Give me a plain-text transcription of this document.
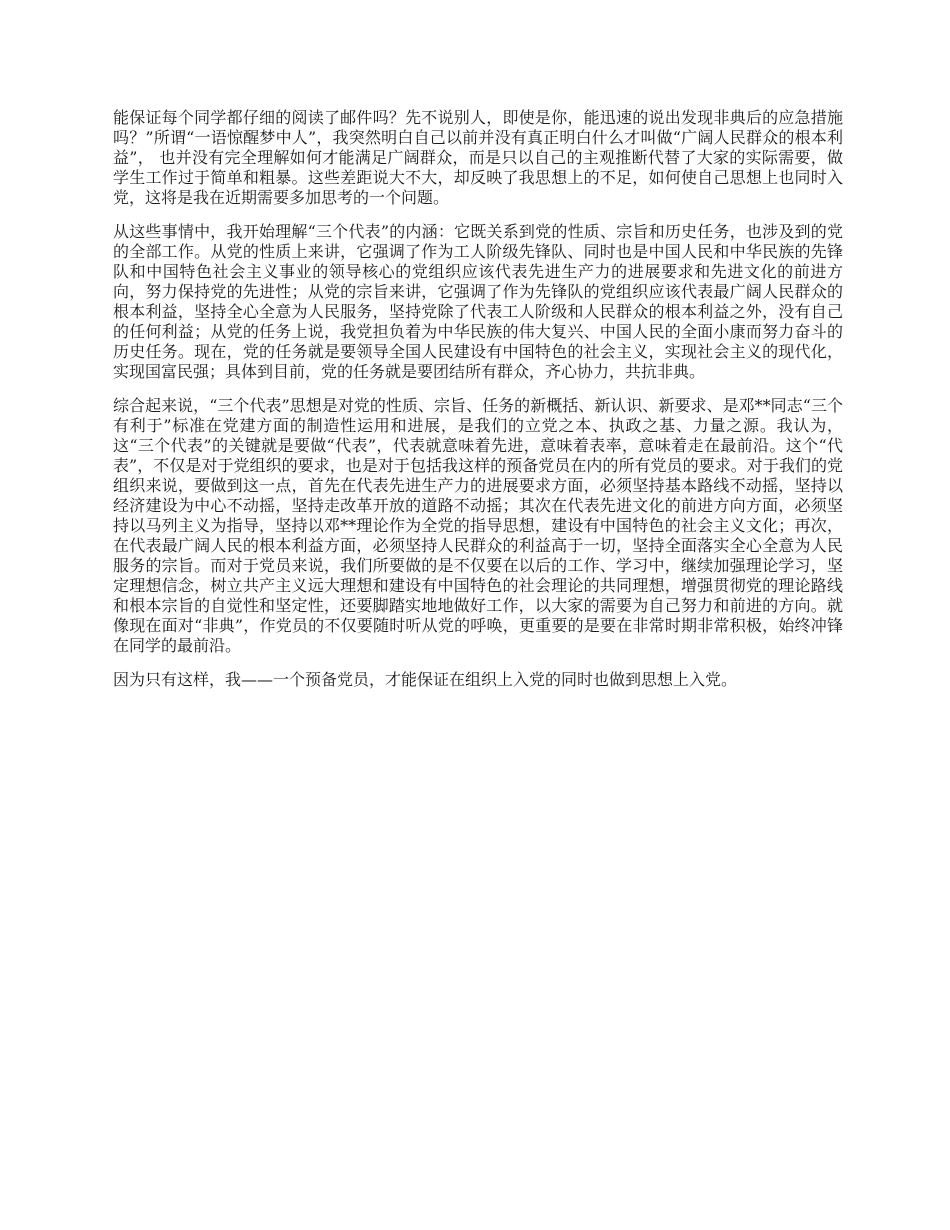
能保证每个同学都仔细的阅读了邮件吗？先不说别人，即使是你，能迅速的说出发现非典后的应急措施吗？”所谓“一语惊醒梦中人”，我突然明白自己以前并没有真正明白什么才叫做“广阔人民群众的根本利益”， 也并没有完全理解如何才能满足广阔群众，而是只以自己的主观推断代替了大家的实际需要，做学生工作过于简单和粗暴。这些差距说大不大，却反映了我思想上的不足，如何使自己思想上也同时入党，这将是我在近期需要多加思考的一个问题。

从这些事情中，我开始理解“三个代表”的内涵：它既关系到党的性质、宗旨和历史任务，也涉及到的党的全部工作。从党的性质上来讲，它强调了作为工人阶级先锋队、同时也是中国人民和中华民族的先锋队和中国特色社会主义事业的领导核心的党组织应该代表先进生产力的进展要求和先进文化的前进方向，努力保持党的先进性；从党的宗旨来讲，它强调了作为先锋队的党组织应该代表最广阔人民群众的根本利益，坚持全心全意为人民服务，坚持党除了代表工人阶级和人民群众的根本利益之外，没有自己的任何利益；从党的任务上说，我党担负着为中华民族的伟大复兴、中国人民的全面小康而努力奋斗的历史任务。现在，党的任务就是要领导全国人民建设有中国特色的社会主义，实现社会主义的现代化，实现国富民强；具体到目前，党的任务就是要团结所有群众，齐心协力，共抗非典。

综合起来说，“三个代表”思想是对党的性质、宗旨、任务的新概括、新认识、新要求、是邓**同志“三个有利于”标准在党建方面的制造性运用和进展，是我们的立党之本、执政之基、力量之源。我认为，这“三个代表”的关键就是要做“代表”，代表就意味着先进，意味着表率，意味着走在最前沿。这个“代表”，不仅是对于党组织的要求，也是对于包括我这样的预备党员在内的所有党员的要求。对于我们的党组织来说，要做到这一点，首先在代表先进生产力的进展要求方面，必须坚持基本路线不动摇，坚持以经济建设为中心不动摇，坚持走改革开放的道路不动摇；其次在代表先进文化的前进方向方面，必须坚持以马列主义为指导，坚持以邓**理论作为全党的指导思想，建设有中国特色的社会主义文化；再次，在代表最广阔人民的根本利益方面，必须坚持人民群众的利益高于一切，坚持全面落实全心全意为人民服务的宗旨。而对于党员来说，我们所要做的是不仅要在以后的工作、学习中，继续加强理论学习，坚定理想信念，树立共产主义远大理想和建设有中国特色的社会理论的共同理想，增强贯彻党的理论路线和根本宗旨的自觉性和坚定性，还要脚踏实地地做好工作，以大家的需要为自己努力和前进的方向。就像现在面对“非典”，作党员的不仅要随时听从党的呼唤，更重要的是要在非常时期非常积极，始终冲锋在同学的最前沿。

因为只有这样，我——一个预备党员，才能保证在组织上入党的同时也做到思想上入党。
